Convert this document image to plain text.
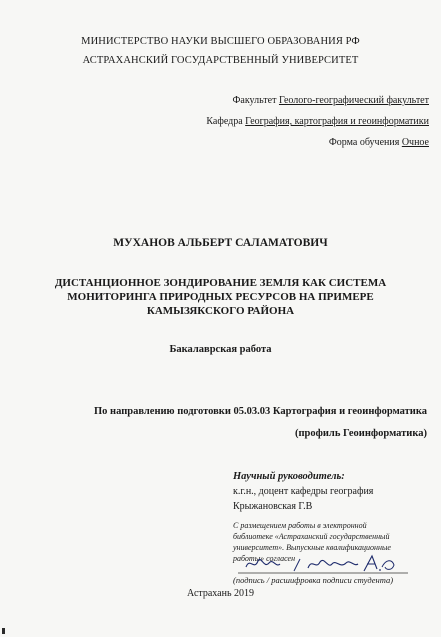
МИНИСТЕРСТВО НАУКИ ВЫСШЕГО ОБРАЗОВАНИЯ РФ
АСТРАХАНСКИЙ ГОСУДАРСТВЕННЫЙ УНИВЕРСИТЕТ
Факультет Геолого-географический факультет
Кафедра География, картография и геоинформатики
Форма обучения Очное
МУХАНОВ АЛЬБЕРТ САЛАМАТОВИЧ
ДИСТАНЦИОННОЕ ЗОНДИРОВАНИЕ ЗЕМЛЯ КАК СИСТЕМА
МОНИТОРИНГА ПРИРОДНЫХ РЕСУРСОВ НА ПРИМЕРЕ
КАМЫЗЯКСКОГО РАЙОНА
Бакалаврская работа
По направлению подготовки 05.03.03 Картография и геоинформатика
(профиль Геоинформатика)
Научный руководитель:
к.г.н., доцент кафедры география
Крыжановская Г.В
С размещением работы в электронной
библиотеке «Астраханский государственный
университет». Выпускные квалификационные
работы» согласен
(подпись / расшифровка подписи студента)
Астрахань 2019
